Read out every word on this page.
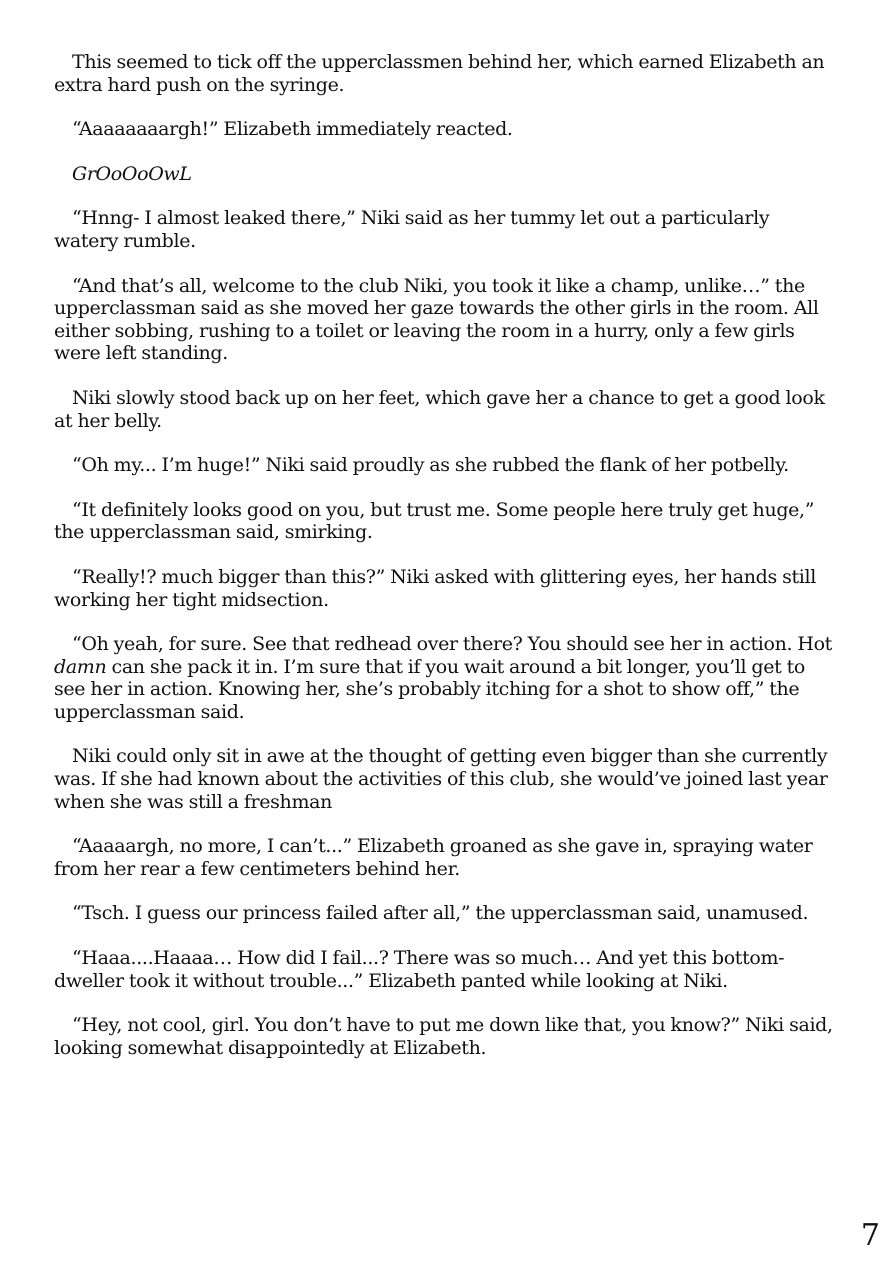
This seemed to tick off the upperclassmen behind her, which earned Elizabeth an extra hard push on the syringe.

“Aaaaaaaargh!” Elizabeth immediately reacted.

GrOoOoOwL

“Hnng- I almost leaked there,” Niki said as her tummy let out a particularly watery rumble.

“And that’s all, welcome to the club Niki, you took it like a champ, unlike…” the upperclassman said as she moved her gaze towards the other girls in the room. All either sobbing, rushing to a toilet or leaving the room in a hurry, only a few girls were left standing.

Niki slowly stood back up on her feet, which gave her a chance to get a good look at her belly.

“Oh my... I’m huge!” Niki said proudly as she rubbed the flank of her potbelly.

“It definitely looks good on you, but trust me. Some people here truly get huge,” the upperclassman said, smirking.

“Really!? much bigger than this?” Niki asked with glittering eyes, her hands still working her tight midsection.

“Oh yeah, for sure. See that redhead over there? You should see her in action. Hot damn can she pack it in. I’m sure that if you wait around a bit longer, you’ll get to see her in action. Knowing her, she’s probably itching for a shot to show off,” the upperclassman said.

Niki could only sit in awe at the thought of getting even bigger than she currently was. If she had known about the activities of this club, she would’ve joined last year when she was still a freshman

“Aaaaargh, no more, I can’t...” Elizabeth groaned as she gave in, spraying water from her rear a few centimeters behind her.

“Tsch. I guess our princess failed after all,” the upperclassman said, unamused.

“Haaa....Haaaa… How did I fail...? There was so much… And yet this bottom-dweller took it without trouble...” Elizabeth panted while looking at Niki.

“Hey, not cool, girl. You don’t have to put me down like that, you know?” Niki said, looking somewhat disappointedly at Elizabeth.

7
